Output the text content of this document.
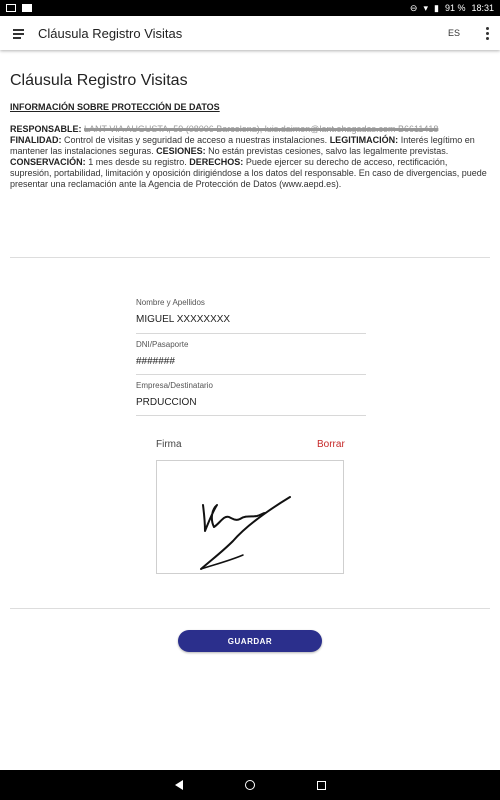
⊖ ▾ ▮ 91 % 18:31
Cláusula Registro Visitas	ES
Cláusula Registro Visitas
INFORMACIÓN SOBRE PROTECCIÓN DE DATOS
RESPONSABLE: LANT VIA AUGUSTA, 59 (08006 Barcelona), luis.daimon@lant.ohagadas.com B6611418 FINALIDAD: Control de visitas y seguridad de acceso a nuestras instalaciones. LEGITIMACIÓN: Interés legítimo en mantener las instalaciones seguras. CESIONES: No están previstas cesiones, salvo las legalmente previstas. CONSERVACIÓN: 1 mes desde su registro. DERECHOS: Puede ejercer su derecho de acceso, rectificación, supresión, portabilidad, limitación y oposición dirigiéndose a los datos del responsable. En caso de divergencias, puede presentar una reclamación ante la Agencia de Protección de Datos (www.aepd.es).
Nombre y Apellidos
MIGUEL XXXXXXXX
DNI/Pasaporte
#######
Empresa/Destinatario
PRDUCCIÓN
Firma	Borrar
GUARDAR
